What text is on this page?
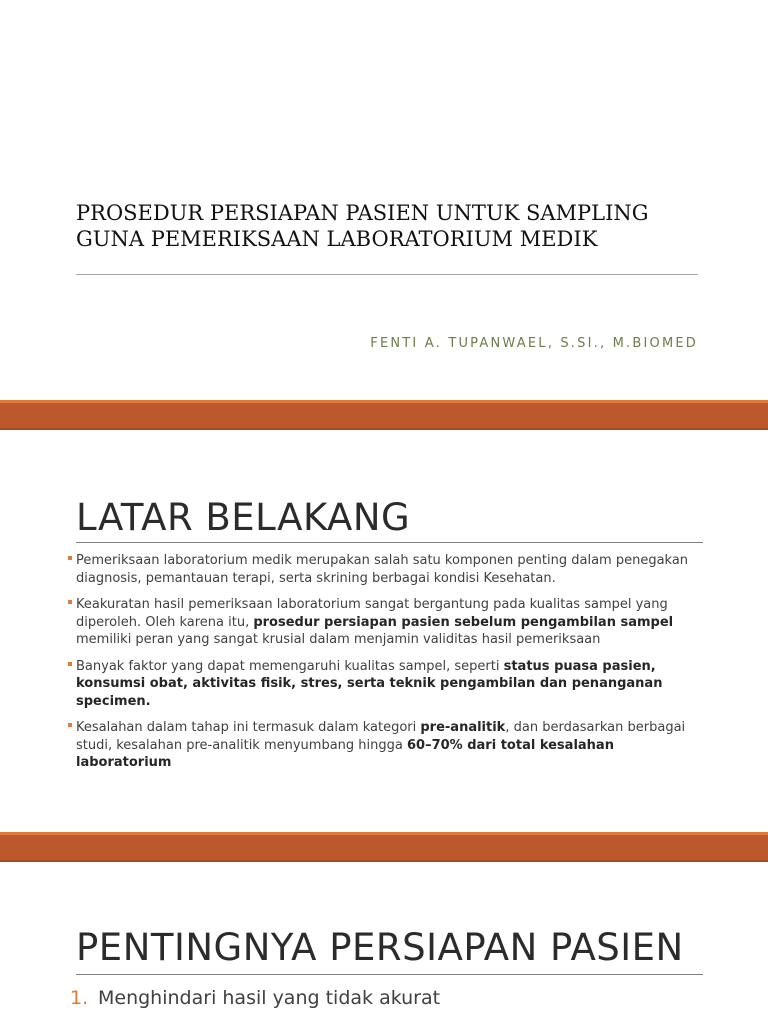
PROSEDUR PERSIAPAN PASIEN UNTUK SAMPLING
GUNA PEMERIKSAAN LABORATORIUM MEDIK
FENTI A. TUPANWAEL, S.SI., M.BIOMED
LATAR BELAKANG
Pemeriksaan laboratorium medik merupakan salah satu komponen penting dalam penegakan diagnosis, pemantauan terapi, serta skrining berbagai kondisi Kesehatan.
Keakuratan hasil pemeriksaan laboratorium sangat bergantung pada kualitas sampel yang diperoleh. Oleh karena itu, prosedur persiapan pasien sebelum pengambilan sampel memiliki peran yang sangat krusial dalam menjamin validitas hasil pemeriksaan
Banyak faktor yang dapat memengaruhi kualitas sampel, seperti status puasa pasien, konsumsi obat, aktivitas fisik, stres, serta teknik pengambilan dan penanganan specimen.
Kesalahan dalam tahap ini termasuk dalam kategori pre-analitik, dan berdasarkan berbagai studi, kesalahan pre-analitik menyumbang hingga 60–70% dari total kesalahan laboratorium
PENTINGNYA PERSIAPAN PASIEN
1. Menghindari hasil yang tidak akurat
